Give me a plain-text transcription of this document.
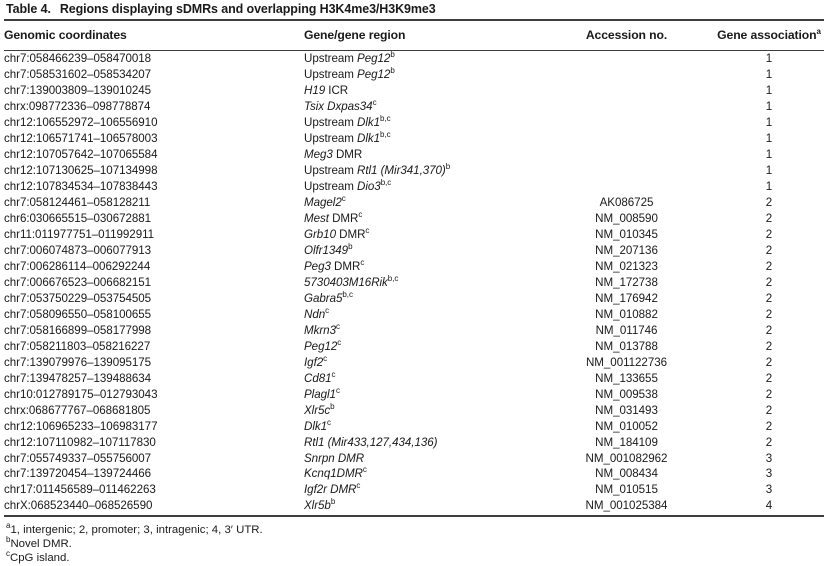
Table 4. Regions displaying sDMRs and overlapping H3K4me3/H3K9me3
Genomic coordinates	Gene/gene region	Accession no.	Gene association$^a$
chr7:058466239–058470018	Upstream Peg12$^b$		1
chr7:058531602–058534207	Upstream Peg12$^b$		1
chr7:139003809–139010245	H19 ICR		1
chrx:098772336–098778874	Tsix Dxpas34$^c$		1
chr12:106552972–106556910	Upstream Dlk1$^{b,c}$		1
chr12:106571741–106578003	Upstream Dlk1$^{b,c}$		1
chr12:107057642–107065584	Meg3 DMR		1
chr12:107130625–107134998	Upstream Rtl1 $(Mir341,370)^b$		1
chr12:107834534–107838443	Upstream Dio3$^{b,c}$		1
chr7:058124461–058128211	Magel2$^c$	AK086725	2
chr6:030665515–030672881	Mest DMR$^c$	NM_008590	2
chr11:011977751–011992911	Grb10 DMR$^c$	NM_010345	2
chr7:006074873–006077913	Olfr1349$^b$	NM_207136	2
chr7:006286114–006292244	Peg3 DMR$^c$	NM_021323	2
chr7:006676523–006682151	5730403M16Rik$^{b,c}$	NM_172738	2
chr7:053750229–053754505	Gabra5$^{b,c}$	NM_176942	2
chr7:058096550–058100655	Ndn$^c$	NM_010882	2
chr7:058166899–058177998	Mkrn3$^c$	NM_011746	2
chr7:058211803–058216227	Peg12$^c$	NM_013788	2
chr7:139079976–139095175	Igf2$^c$	NM_001122736	2
chr7:139478257–139488634	Cd81$^c$	NM_133655	2
chr10:012789175–012793043	Plagl1$^c$	NM_009538	2
chrx:068677767–068681805	$Xlr5c^b$	NM_031493	2
chr12:106965233–106983177	Dlk1$^c$	NM_010052	2
chr12:107110982–107117830	Rtl1 (Mir433,127,434,136)	NM_184109	2
chr7:055749337–055756007	Snrpn DMR	NM_001082962	3
chr7:139720454–139724466	Kcnq1DMR$^c$	NM_008434	3
chr17:011456589–011462263	Igf2r DMR$^c$	NM_010515	3
chrX:068523440–068526590	$Xlr5b^b$	NM_001025384	4
$^a$1, intergenic; 2, promoter; 3, intragenic; 4, 3′ UTR.
$^b$Novel DMR.
$^c$CpG island.
